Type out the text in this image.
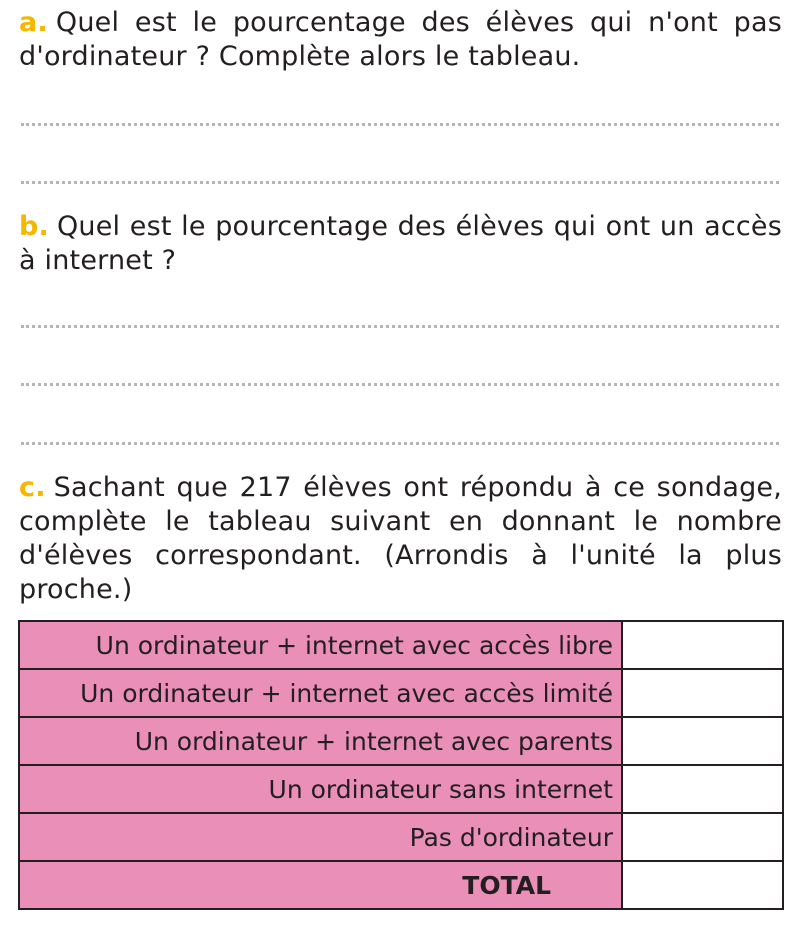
a. Quel est le pourcentage des élèves qui n'ont pas d'ordinateur ? Complète alors le tableau.

b. Quel est le pourcentage des élèves qui ont un accès à internet ?

c. Sachant que 217 élèves ont répondu à ce sondage, complète le tableau suivant en donnant le nombre d'élèves correspondant. (Arrondis à l'unité la plus proche.)

Un ordinateur + internet avec accès libre	
Un ordinateur + internet avec accès limité	
Un ordinateur + internet avec parents	
Un ordinateur sans internet	
Pas d'ordinateur	
TOTAL	
